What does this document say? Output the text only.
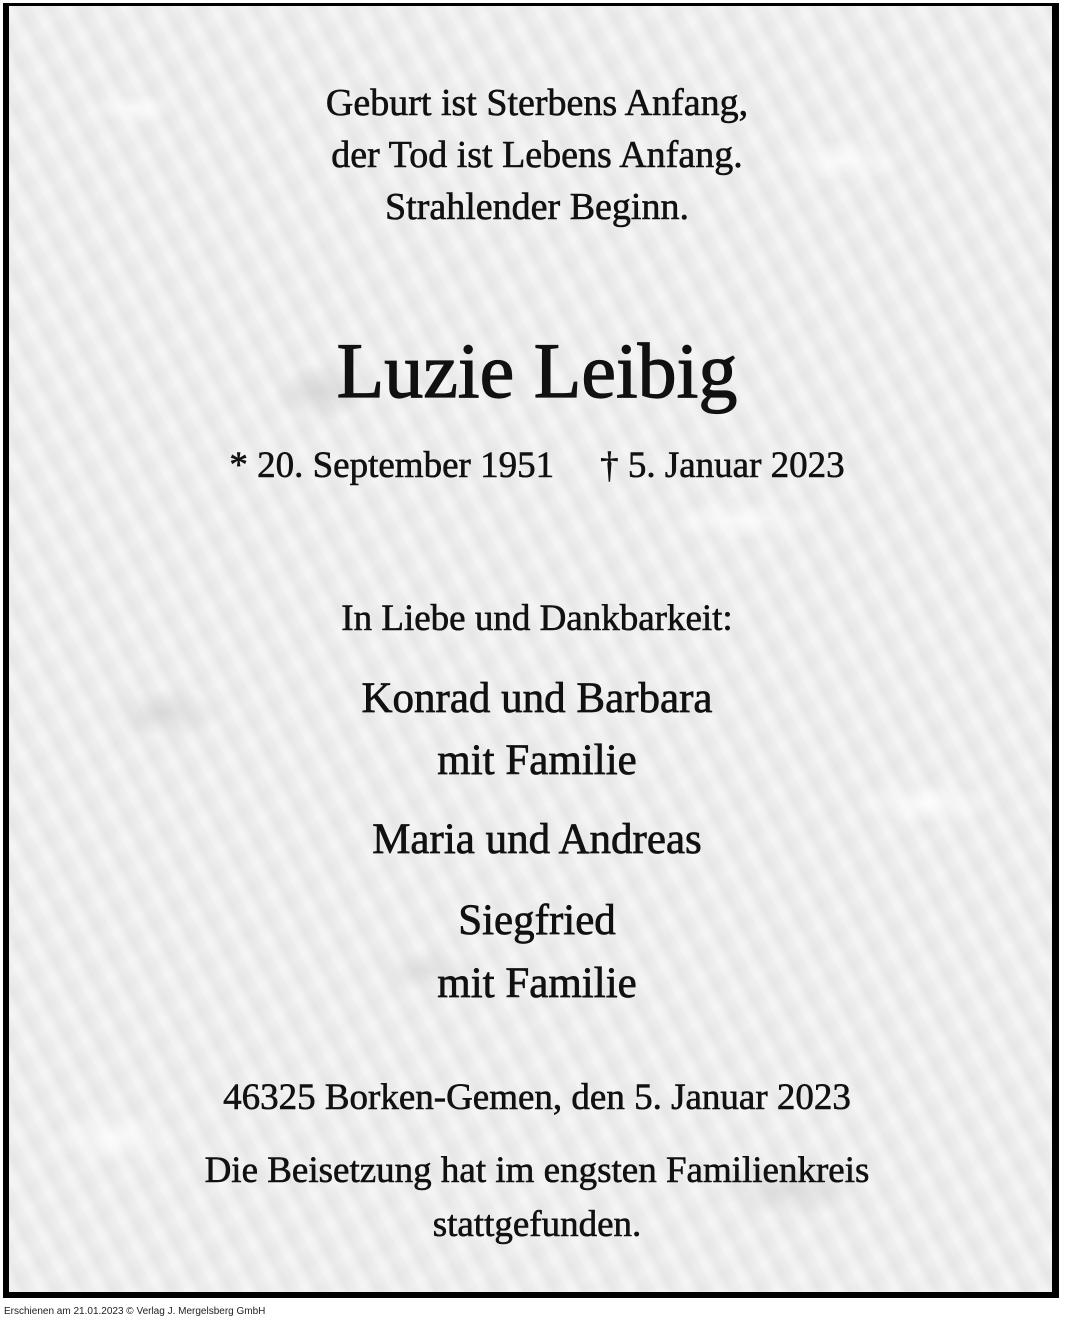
Geburt ist Sterbens Anfang,
der Tod ist Lebens Anfang.
Strahlender Beginn.
Luzie Leibig
* 20. September 1951 † 5. Januar 2023
In Liebe und Dankbarkeit:
Konrad und Barbara
mit Familie
Maria und Andreas
Siegfried
mit Familie
46325 Borken-Gemen, den 5. Januar 2023
Die Beisetzung hat im engsten Familienkreis
stattgefunden.
Erschienen am 21.01.2023 © Verlag J. Mergelsberg GmbH
